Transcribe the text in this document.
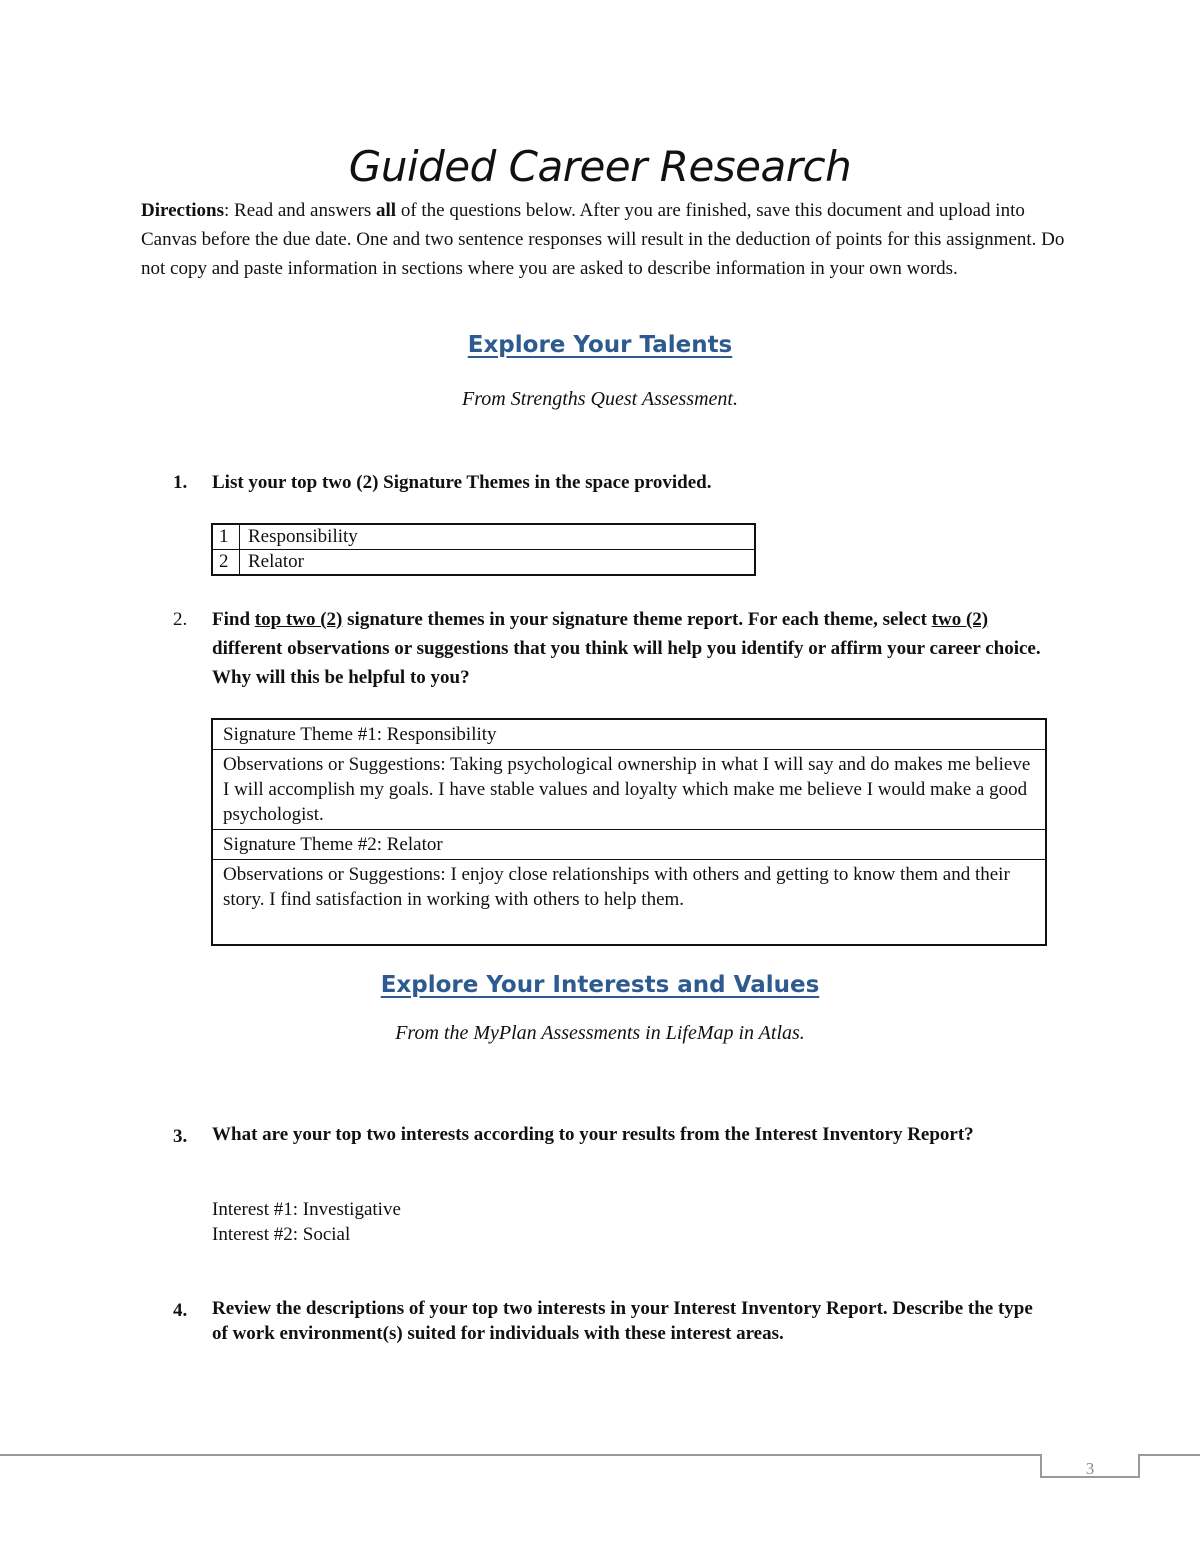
Guided Career Research

Directions: Read and answers all of the questions below. After you are finished, save this document and upload into Canvas before the due date. One and two sentence responses will result in the deduction of points for this assignment. Do not copy and paste information in sections where you are asked to describe information in your own words.

Explore Your Talents
From Strengths Quest Assessment.
1. List your top two (2) Signature Themes in the space provided.
1	Responsibility
2	Relator
2. Find top two (2) signature themes in your signature theme report. For each theme, select two (2) different observations or suggestions that you think will help you identify or affirm your career choice. Why will this be helpful to you?
Signature Theme #1: Responsibility
Observations or Suggestions: Taking psychological ownership in what I will say and do makes me believe I will accomplish my goals. I have stable values and loyalty which make me believe I would make a good psychologist.
Signature Theme #2: Relator
Observations or Suggestions: I enjoy close relationships with others and getting to know them and their story. I find satisfaction in working with others to help them.
Explore Your Interests and Values
From the MyPlan Assessments in LifeMap in Atlas.
3. What are your top two interests according to your results from the Interest Inventory Report?
Interest #1: Investigative
Interest #2: Social
4. Review the descriptions of your top two interests in your Interest Inventory Report. Describe the type of work environment(s) suited for individuals with these interest areas.
3
